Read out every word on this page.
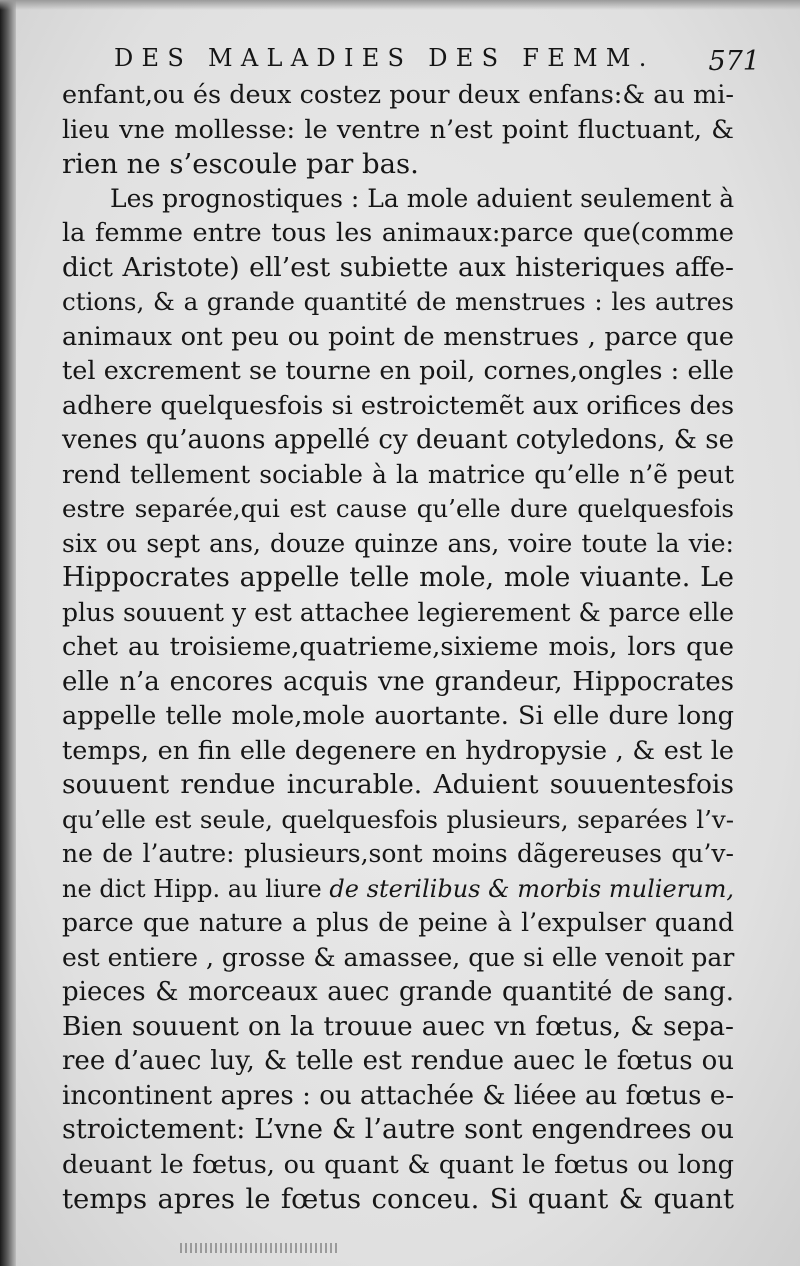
DES MALADIES DES FEMM. 571
enfant,ou és deux costez pour deux enfans:& au mi-
lieu vne mollesse: le ventre n’est point fluctuant, &
rien ne s’escoule par bas.
Les prognostiques : La mole aduient seulement à
la femme entre tous les animaux:parce que(comme
dict Aristote) ell’est subiette aux histeriques affe-
ctions, & a grande quantité de menstrues : les autres
animaux ont peu ou point de menstrues , parce que
tel excrement se tourne en poil, cornes,ongles : elle
adhere quelquesfois si estroictemẽt aux orifices des
venes qu’auons appellé cy deuant cotyledons, & se
rend tellement sociable à la matrice qu’elle n’ẽ peut
estre separée,qui est cause qu’elle dure quelquesfois
six ou sept ans, douze quinze ans, voire toute la vie:
Hippocrates appelle telle mole, mole viuante. Le
plus souuent y est attachee legierement & parce elle
chet au troisieme,quatrieme,sixieme mois, lors que
elle n’a encores acquis vne grandeur, Hippocrates
appelle telle mole,mole auortante. Si elle dure long
temps, en fin elle degenere en hydropysie , & est le
souuent rendue incurable. Aduient souuentesfois
qu’elle est seule, quelquesfois plusieurs, separées l’v-
ne de l’autre: plusieurs,sont moins dãgereuses qu’v-
ne dict Hipp. au liure de sterilibus & morbis mulierum,
parce que nature a plus de peine à l’expulser quand
est entiere , grosse & amassee, que si elle venoit par
pieces & morceaux auec grande quantité de sang.
Bien souuent on la trouue auec vn fœtus, & sepa-
ree d’auec luy, & telle est rendue auec le fœtus ou
incontinent apres : ou attachée & liéee au fœtus e-
stroictement: L’vne & l’autre sont engendrees ou
deuant le fœtus, ou quant & quant le fœtus ou long
temps apres le fœtus conceu. Si quant & quant
